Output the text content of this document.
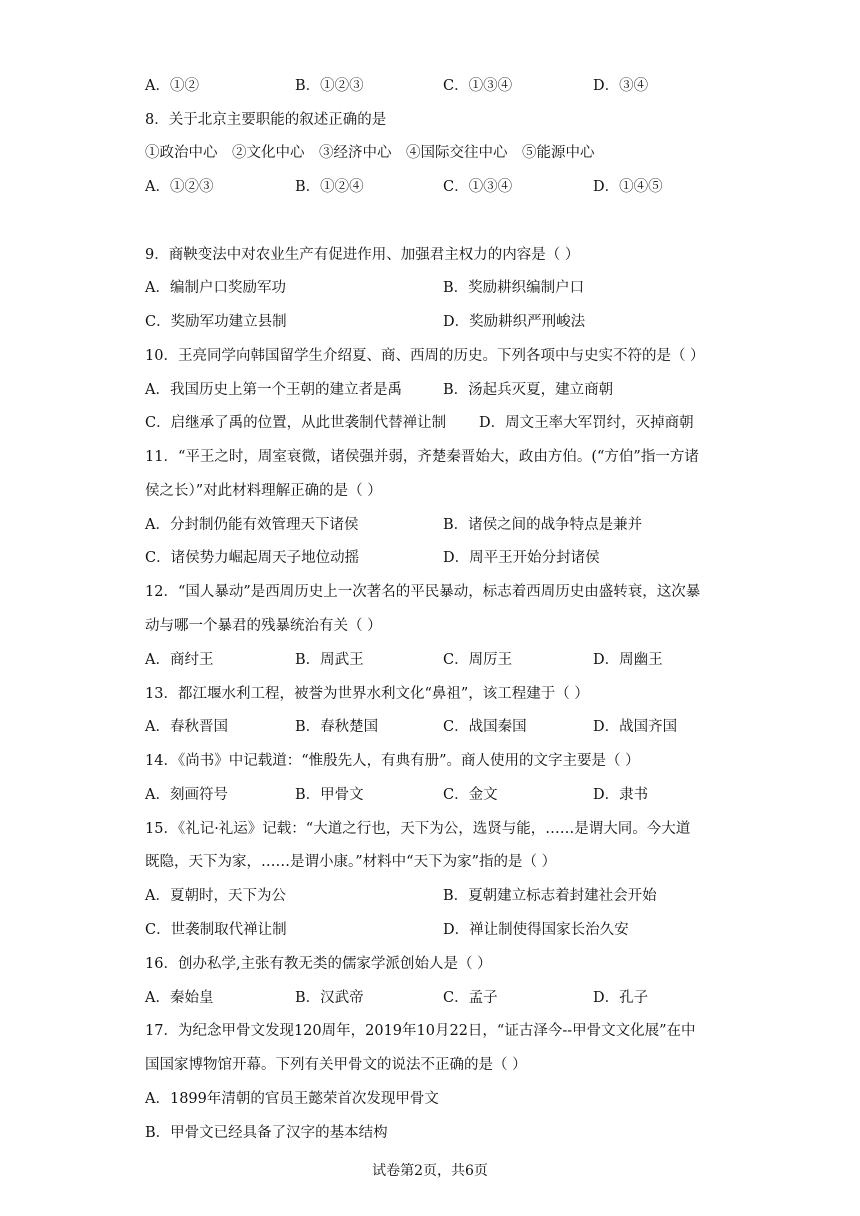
A．①②	B．①②③	C．①③④	D．③④
8．关于北京主要职能的叙述正确的是
①政治中心　②文化中心　③经济中心　④国际交往中心　⑤能源中心
A．①②③	B．①②④	C．①③④	D．①④⑤
9．商鞅变法中对农业生产有促进作用、加强君主权力的内容是（ ）
A．编制户口奖励军功	B．奖励耕织编制户口
C．奖励军功建立县制	D．奖励耕织严刑峻法
10．王亮同学向韩国留学生介绍夏、商、西周的历史。下列各项中与史实不符的是（ ）
A．我国历史上第一个王朝的建立者是禹	B．汤起兵灭夏，建立商朝
C．启继承了禹的位置，从此世袭制代替禅让制 D．周文王率大军罚纣，灭掉商朝
11．“平王之时，周室衰微，诸侯强并弱，齐楚秦晋始大，政由方伯。(“方伯”指一方诸
侯之长）”对此材料理解正确的是（ ）
A．分封制仍能有效管理天下诸侯	B．诸侯之间的战争特点是兼并
C．诸侯势力崛起周天子地位动摇	D．周平王开始分封诸侯
12．“国人暴动”是西周历史上一次著名的平民暴动，标志着西周历史由盛转衰，这次暴
动与哪一个暴君的残暴统治有关（ ）
A．商纣王	B．周武王	C．周厉王	D．周幽王
13．都江堰水利工程，被誉为世界水利文化“鼻祖”，该工程建于（ ）
A．春秋晋国	B．春秋楚国	C．战国秦国	D．战国齐国
14．《尚书》中记载道：“惟殷先人，有典有册”。商人使用的文字主要是（ ）
A．刻画符号	B．甲骨文	C．金文	D．隶书
15．《礼记·礼运》记载：“大道之行也，天下为公，选贤与能，……是谓大同。今大道
既隐，天下为家，……是谓小康。”材料中“天下为家”指的是（ ）
A．夏朝时，天下为公	B．夏朝建立标志着封建社会开始
C．世袭制取代禅让制	D．禅让制使得国家长治久安
16．创办私学,主张有教无类的儒家学派创始人是（ ）
A．秦始皇	B．汉武帝	C．孟子	D．孔子
17．为纪念甲骨文发现120周年，2019年10月22日，“证古泽今--甲骨文文化展”在中
国国家博物馆开幕。下列有关甲骨文的说法不正确的是（ ）
A．1899年清朝的官员王懿荣首次发现甲骨文
B．甲骨文已经具备了汉字的基本结构
试卷第2页，共6页
